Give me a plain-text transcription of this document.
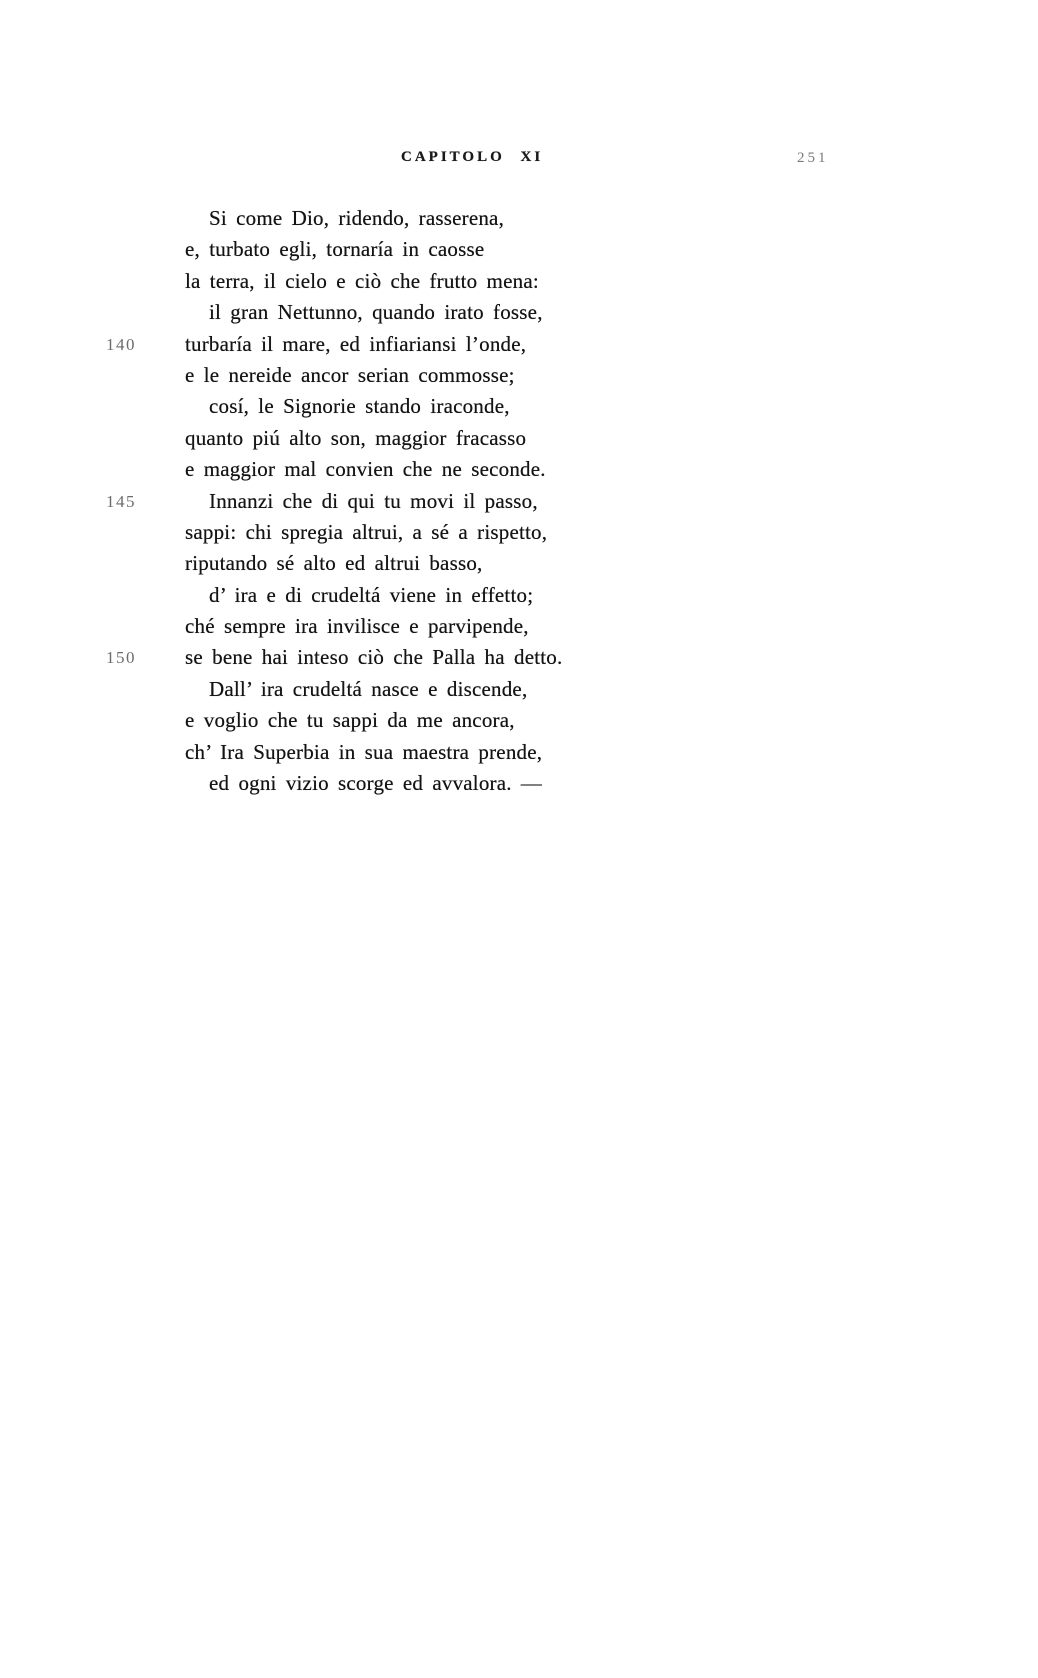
CAPITOLO XI	251
Si come Dio, ridendo, rasserena,
e, turbato egli, tornaría in caosse
la terra, il cielo e ciò che frutto mena:
il gran Nettunno, quando irato fosse,
140	turbaría il mare, ed infiariansi l’onde,
e le nereide ancor serian commosse;
cosí, le Signorie stando iraconde,
quanto piú alto son, maggior fracasso
e maggior mal convien che ne seconde.
145	Innanzi che di qui tu movi il passo,
sappi: chi spregia altrui, a sé a rispetto,
riputando sé alto ed altrui basso,
d’ ira e di crudeltá viene in effetto;
ché sempre ira invilisce e parvipende,
150	se bene hai inteso ciò che Palla ha detto.
Dall’ ira crudeltá nasce e discende,
e voglio che tu sappi da me ancora,
ch’ Ira Superbia in sua maestra prende,
ed ogni vizio scorge ed avvalora. —
